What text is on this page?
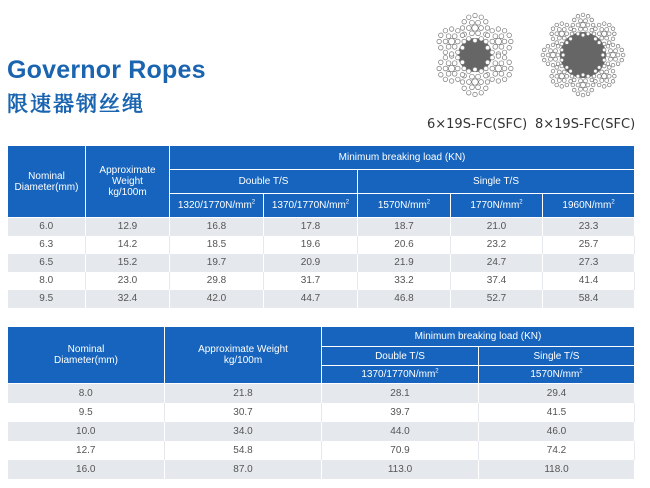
Governor Ropes
限速器钢丝绳
6×19S-FC(SFC) 8×19S-FC(SFC)
Nominal Diameter(mm)	Approximate Weight kg/100m	Minimum breaking load (KN)				
		Double T/S		Single T/S		
		$1320/1770N/mm^2$	$1370/1770N/mm^2$	$1570N/mm^2$	$1770N/mm^2$	$1960N/mm^2$
6.0	12.9	16.8	17.8	18.7	21.0	23.3
6.3	14.2	18.5	19.6	20.6	23.2	25.7
6.5	15.2	19.7	20.9	21.9	24.7	27.3
8.0	23.0	29.8	31.7	33.2	37.4	41.4
9.5	32.4	42.0	44.7	46.8	52.7	58.4
Nominal Diameter(mm)	Approximate Weight kg/100m	Minimum breaking load (KN)	
		Double T/S	Single T/S
		$1370/1770N/mm^2$	$1570N/mm^2$
8.0	21.8	28.1	29.4
9.5	30.7	39.7	41.5
10.0	34.0	44.0	46.0
12.7	54.8	70.9	74.2
16.0	87.0	113.0	118.0
